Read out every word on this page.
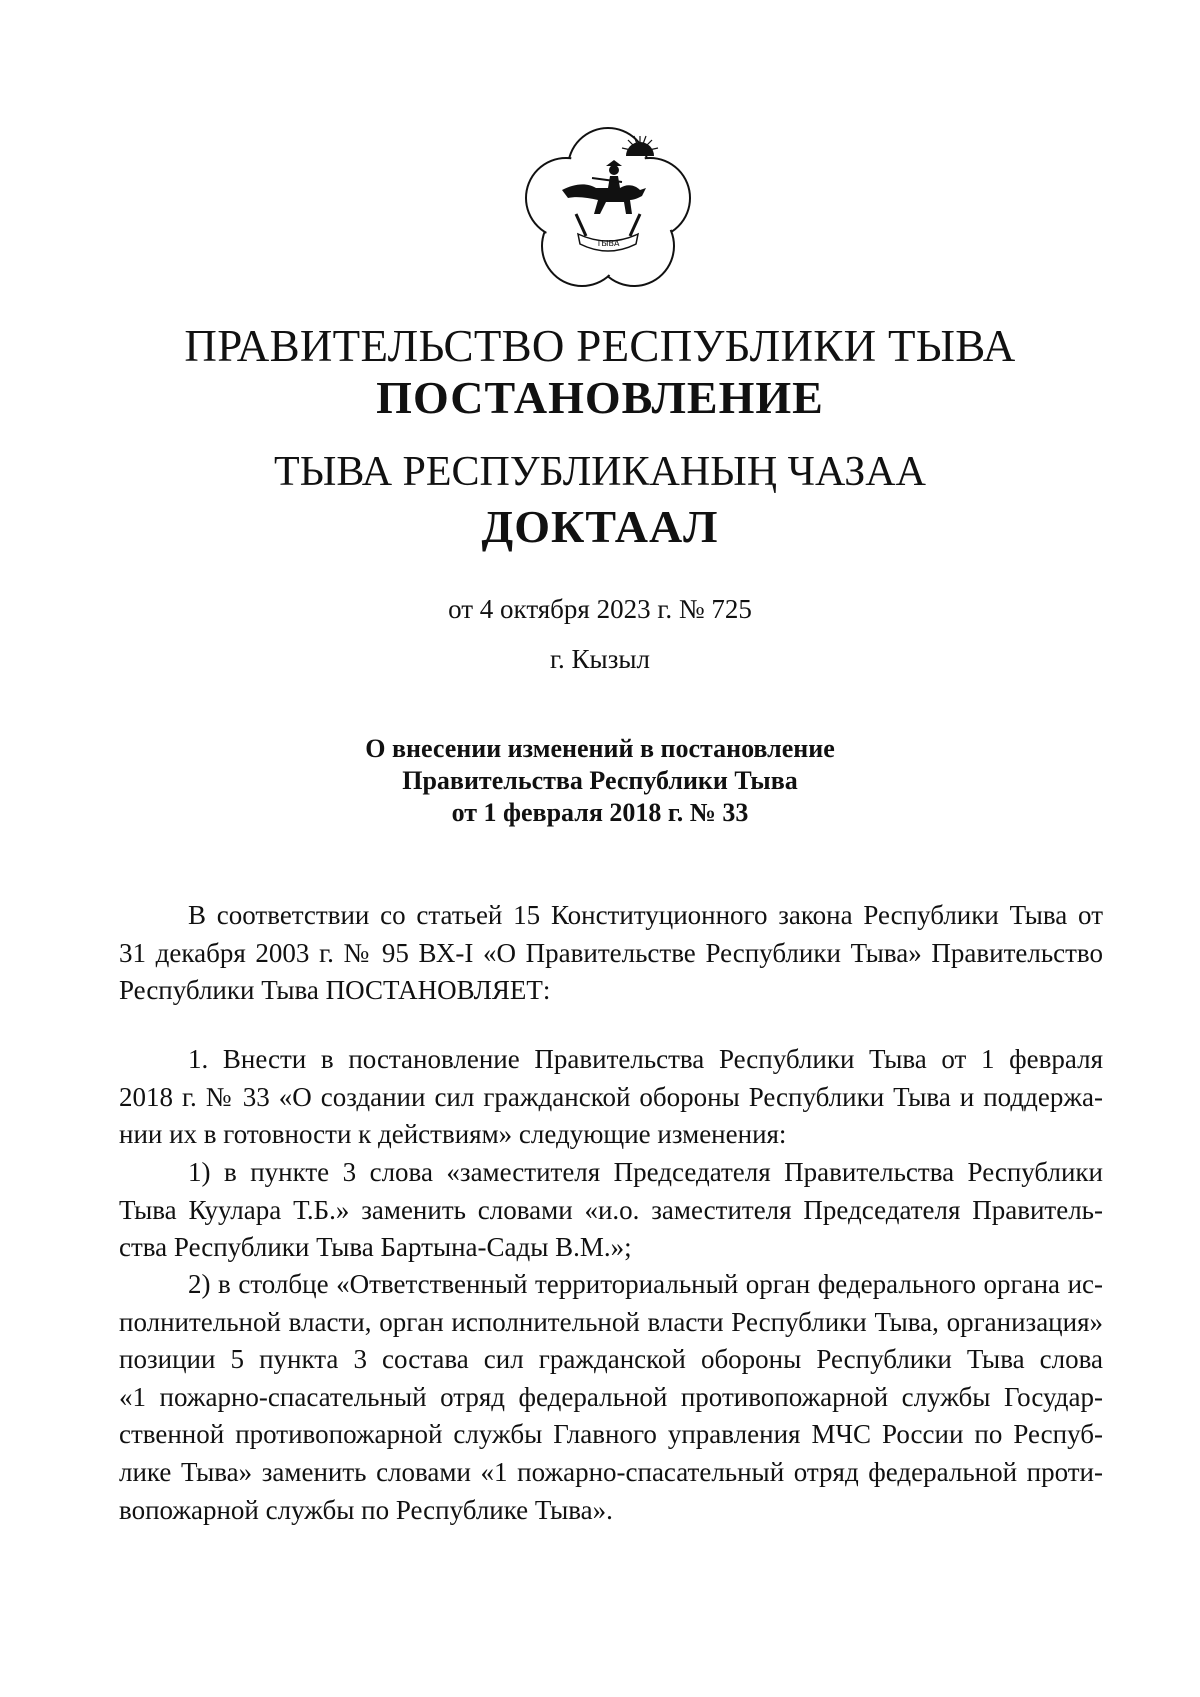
ТЫВА
ПРАВИТЕЛЬСТВО РЕСПУБЛИКИ ТЫВА
ПОСТАНОВЛЕНИЕ
ТЫВА РЕСПУБЛИКАНЫҢ ЧАЗАА
ДОКТААЛ
от 4 октября 2023 г. № 725
г. Кызыл
О внесении изменений в постановление
Правительства Республики Тыва
от 1 февраля 2018 г. № 33
В соответствии со статьей 15 Конституционного закона Республики Тыва от
31 декабря 2003 г. № 95 ВХ-I «О Правительстве Республики Тыва» Правительство
Республики Тыва ПОСТАНОВЛЯЕТ:
1. Внести в постановление Правительства Республики Тыва от 1 февраля
2018 г. № 33 «О создании сил гражданской обороны Республики Тыва и поддержа-
нии их в готовности к действиям» следующие изменения:
1) в пункте 3 слова «заместителя Председателя Правительства Республики
Тыва Куулара Т.Б.» заменить словами «и.о. заместителя Председателя Правитель-
ства Республики Тыва Бартына-Сады В.М.»;
2) в столбце «Ответственный территориальный орган федерального органа ис-
полнительной власти, орган исполнительной власти Республики Тыва, организация»
позиции 5 пункта 3 состава сил гражданской обороны Республики Тыва слова
«1 пожарно-спасательный отряд федеральной противопожарной службы Государ-
ственной противопожарной службы Главного управления МЧС России по Респуб-
лике Тыва» заменить словами «1 пожарно-спасательный отряд федеральной проти-
вопожарной службы по Республике Тыва».
